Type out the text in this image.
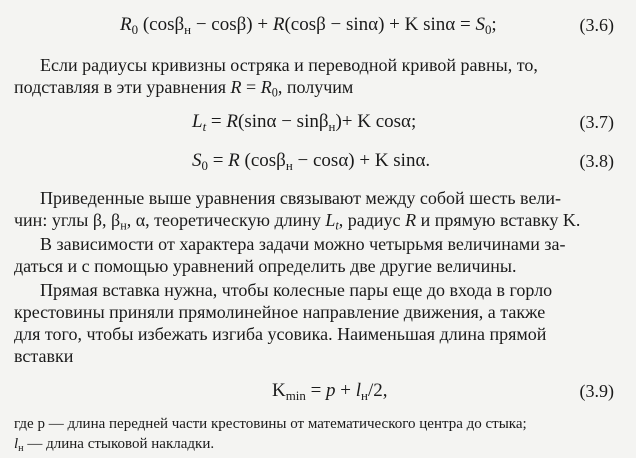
$R_0$ (cosβ$_н$ − cosβ) + R(cosβ − sinα) + K $\sin\alpha = S_0$;	(3.6)
Если радиусы кривизны остряка и переводной кривой равны, то,
подставляя в эти уравнения $R = R_0$, получим
$L_t = R(\sin\alpha - \sin\beta_н)+ K$ cosα;	(3.7)
$S_0 = R$ (cosβ$_н$ − cosα) + K sinα.	(3.8)
Приведенные выше уравнения связывают между собой шесть вели-
чин: углы β, $\beta_н$, α, теоретическую длину $L_t$, радиус R и прямую вставку K.
В зависимости от характера задачи можно четырьмя величинами за-
даться и с помощью уравнений определить две другие величины.
Прямая вставка нужна, чтобы колесные пары еще до входа в горло
крестовины приняли прямолинейное направление движения, а также
для того, чтобы избежать изгиба усовика. Наименьшая длина прямой
вставки
$K_{min} = p + l_н/2$,	(3.9)
где p — длина передней части крестовины от математического центра до стыка;
$l_н$ — длина стыковой накладки.
